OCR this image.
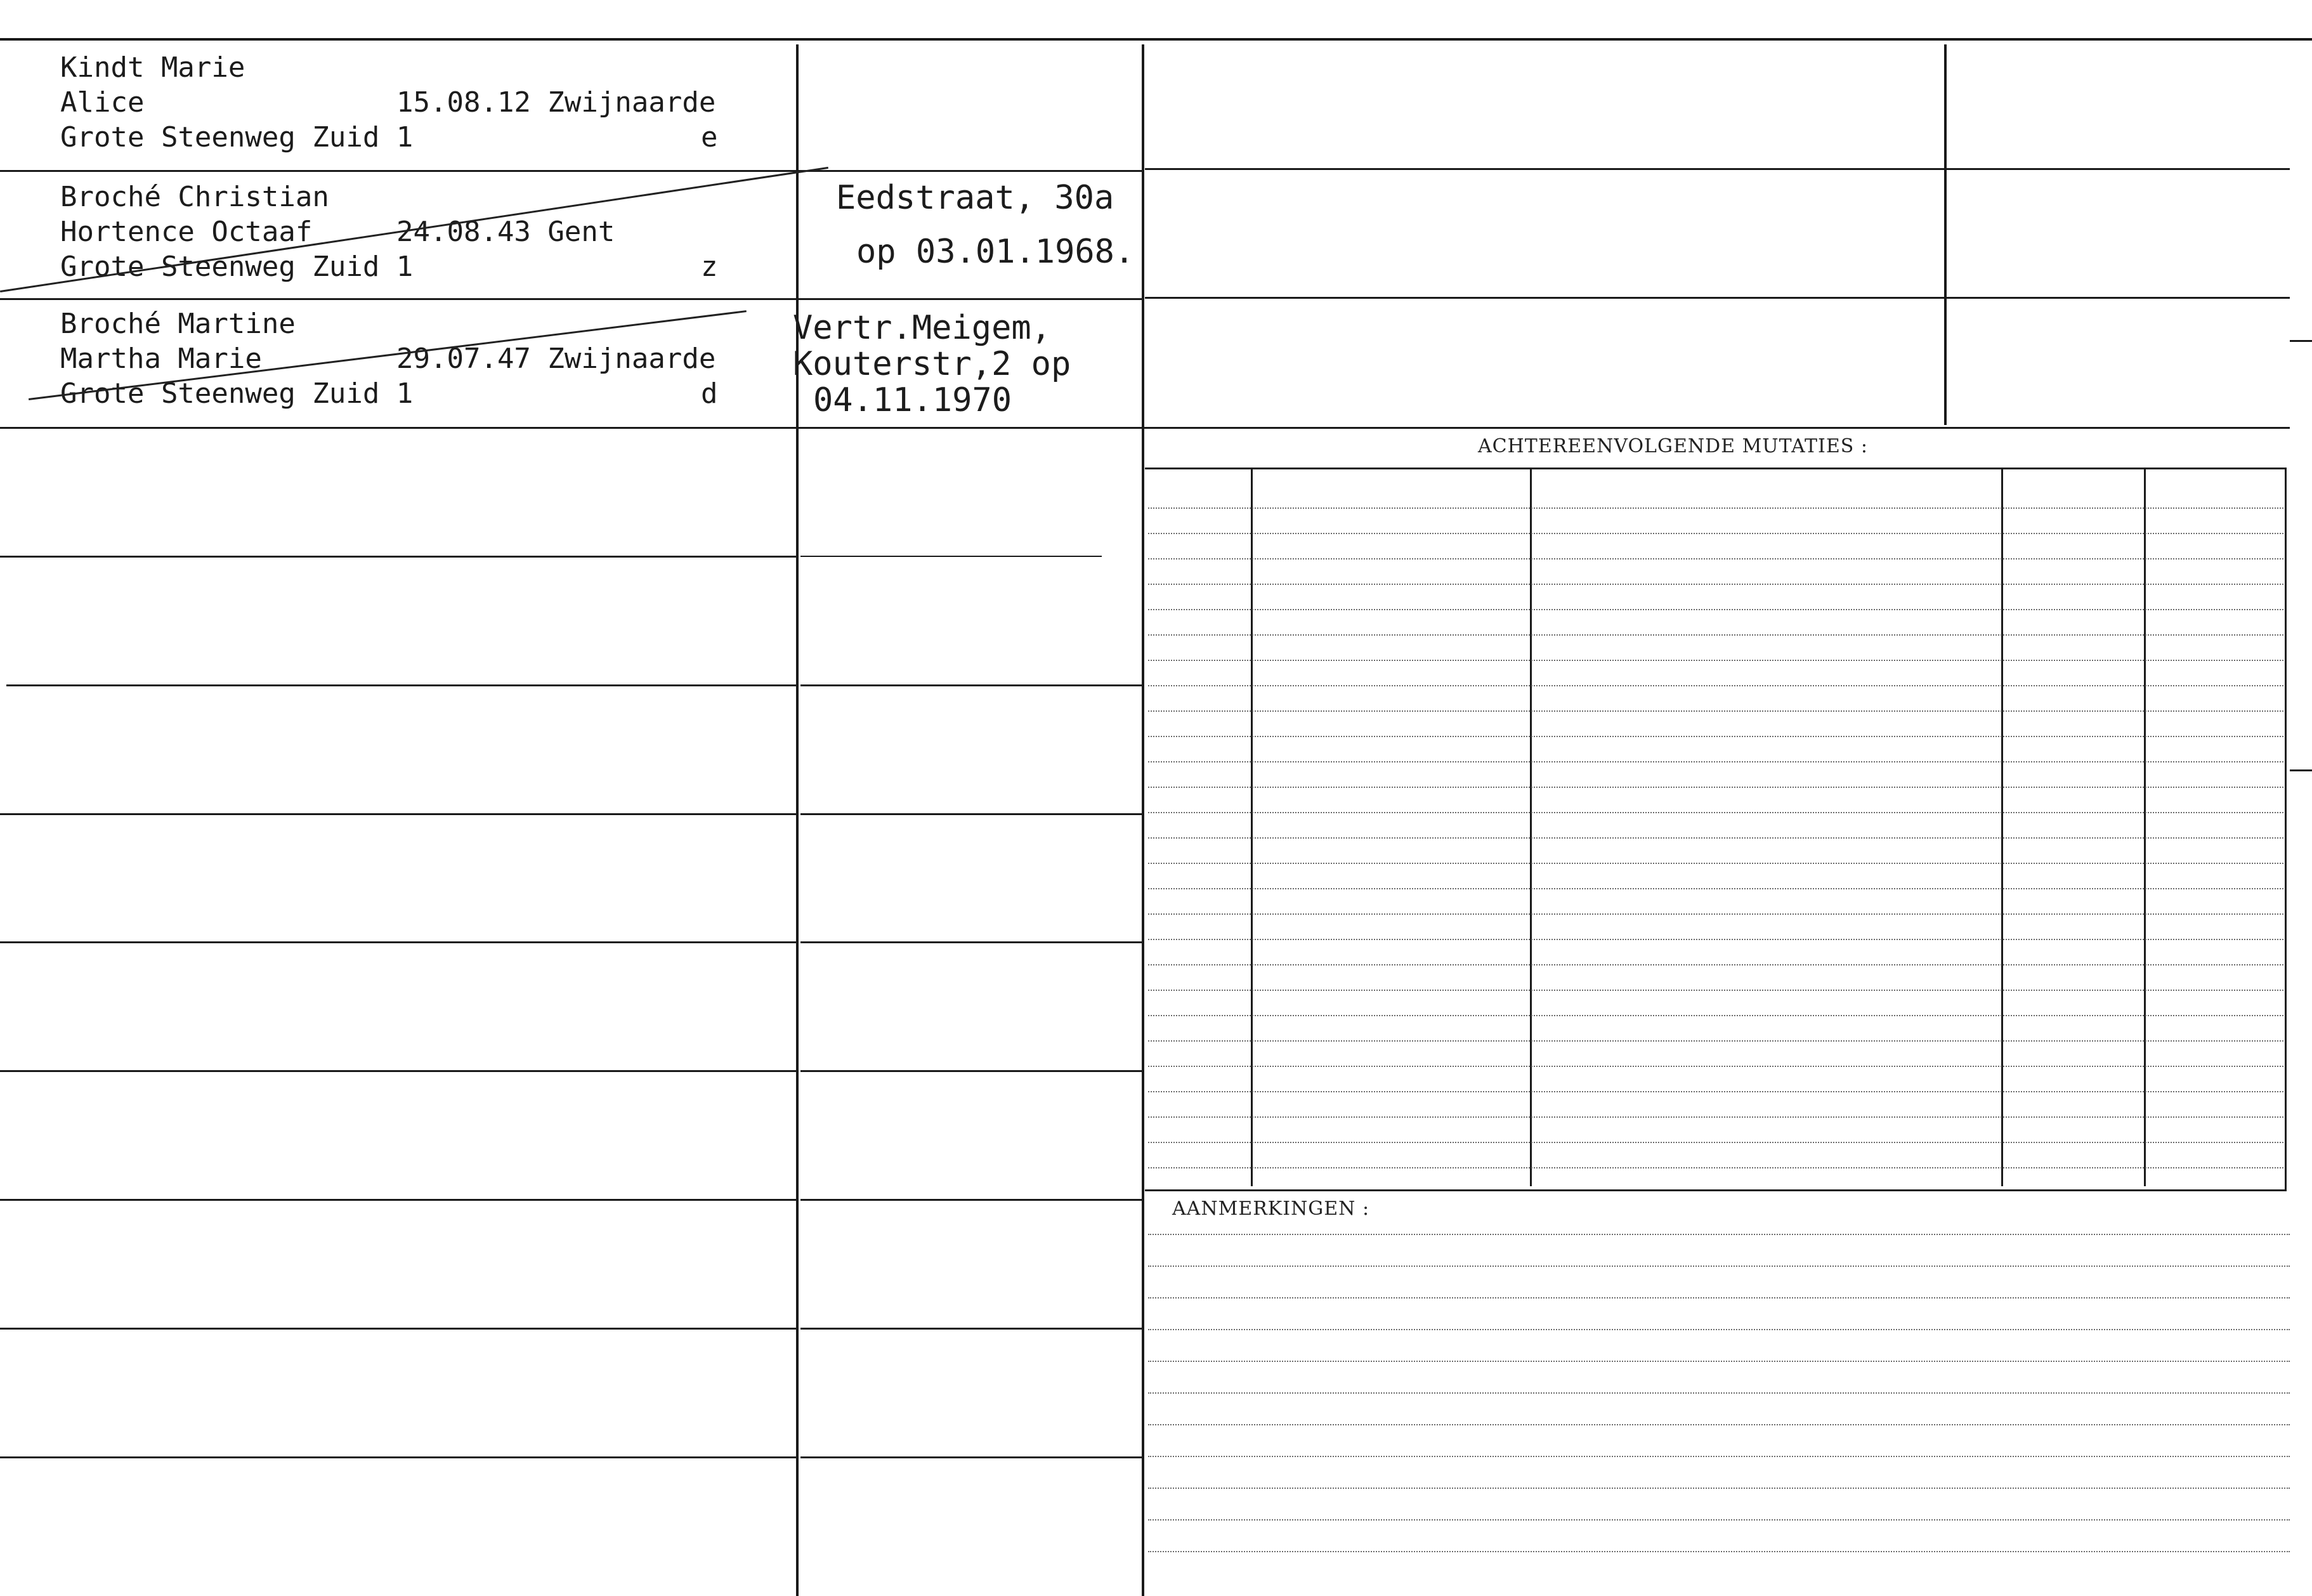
ACHTEREENVOLGENDE MUTATIES :
AANMERKINGEN :
Kindt Marie
Alice	15.08.12 Zwijnaarde
Grote Steenweg Zuid 1	e
Broché Christian
Hortence Octaaf	24.08.43 Gent
Grote Steenweg Zuid 1	z
Eedstraat, 30a
op 03.01.1968.
Broché Martine
Martha Marie	29.07.47 Zwijnaarde
Grote Steenweg Zuid 1	d
Vertr.Meigem,
Kouterstr,2 op
04.11.1970
